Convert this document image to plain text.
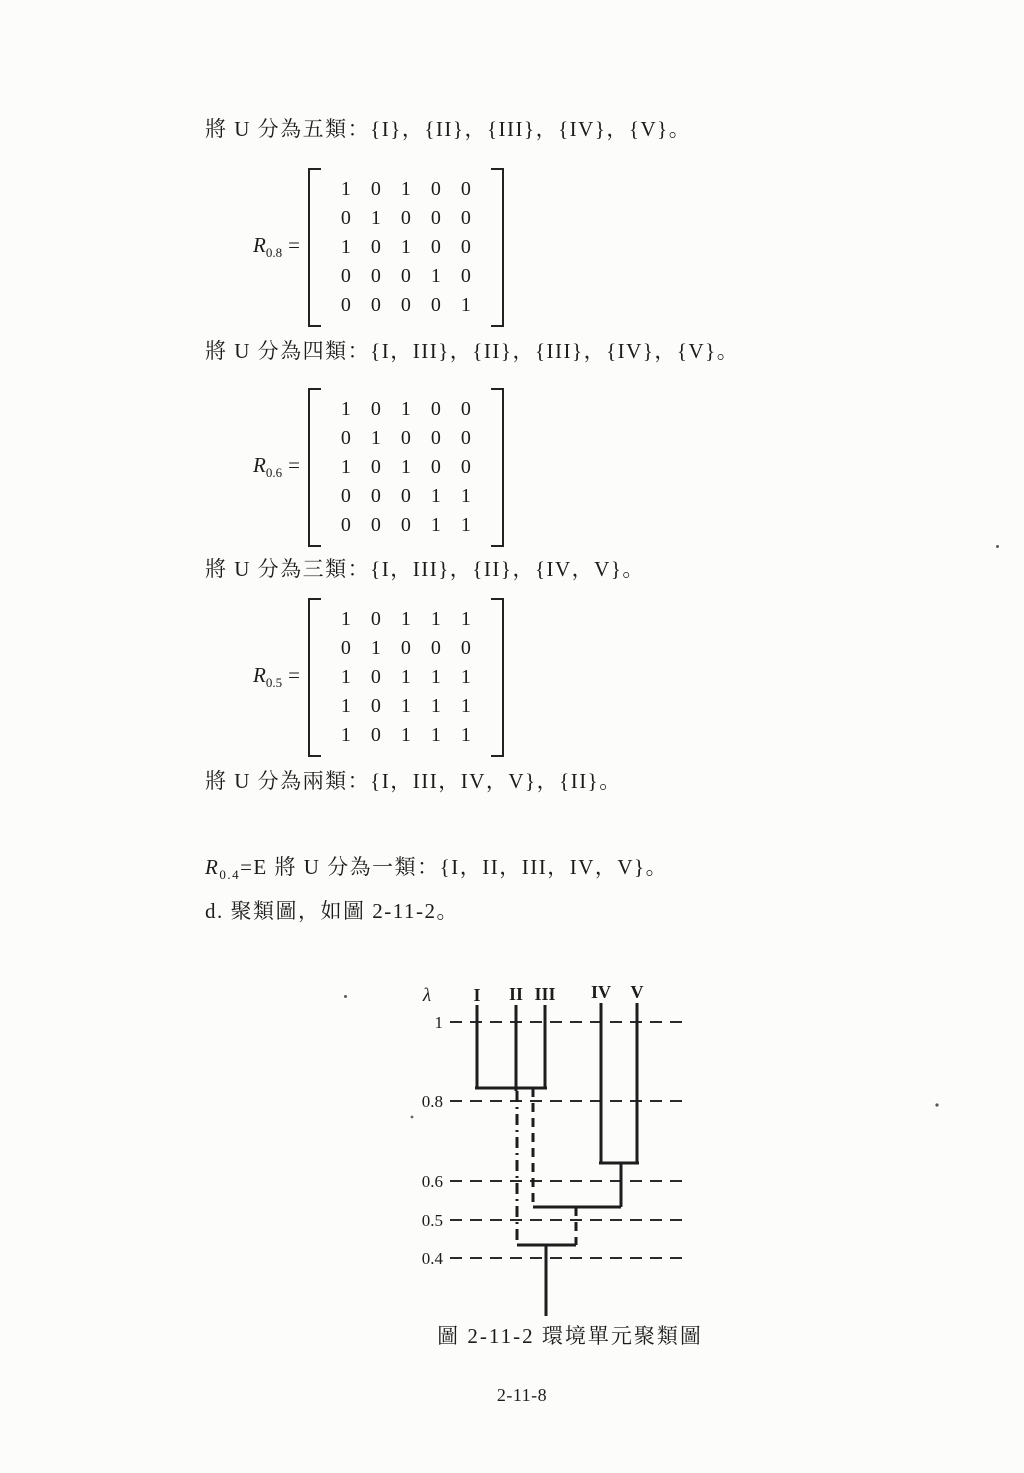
將 U 分為五類：{I}，{II}，{III}，{IV}，{V}。

將 U 分為四類：{I，III}，{II}，{III}，{IV}，{V}。

將 U 分為三類：{I，III}，{II}，{IV，V}。

將 U 分為兩類：{I，III，IV，V}，{II}。

$R_{0.4}=E$ 將 U 分為一類：{I，II，III，IV，V}。

d. 聚類圖，如圖 2-11-2。

$R_{0.8}$ =
1	0	1	0	0
0	1	0	0	0
1	0	1	0	0
0	0	0	1	0
0	0	0	0	1
$R_{0.6}$ =
1	0	1	0	0
0	1	0	0	0
1	0	1	0	0
0	0	0	1	1
0	0	0	1	1
$R_{0.5}$ =
1	0	1	1	1
0	1	0	0	0
1	0	1	1	1
1	0	1	1	1
1	0	1	1	1
λ I II III IV V
1
0.8
0.6
0.5
0.4

圖 2-11-2 環境單元聚類圖

2-11-8
